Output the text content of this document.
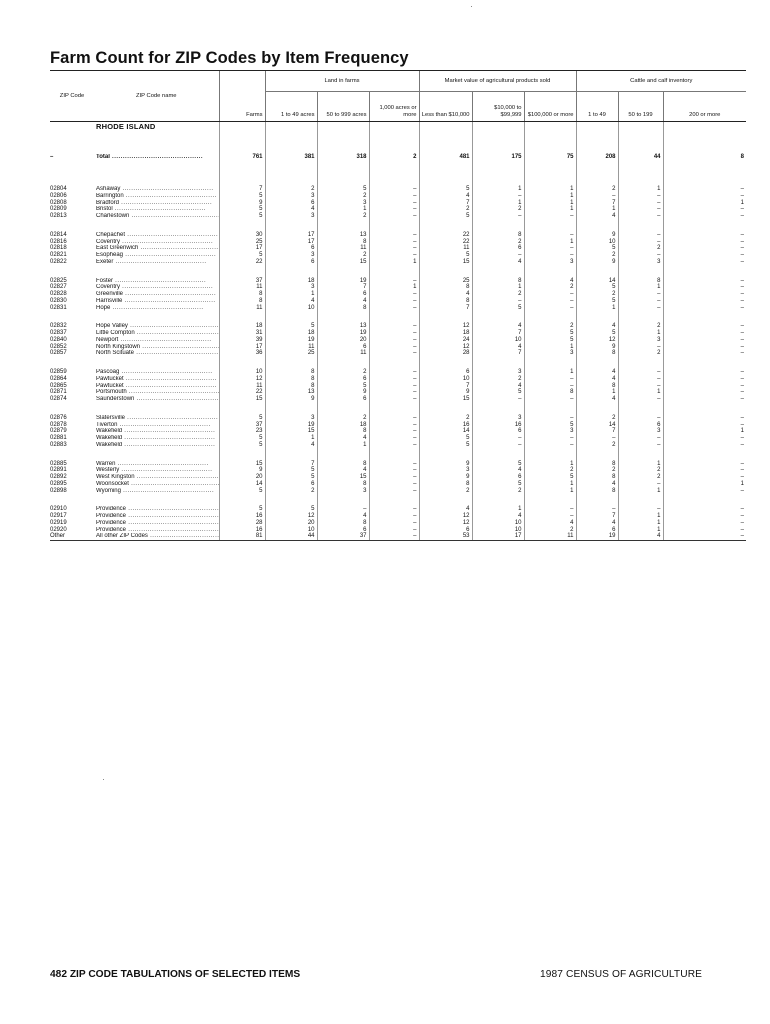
Farm Count for ZIP Codes by Item Frequency
ZIP Code	ZIP Code name	Farms	Land in farms			Market value of agricultural products sold			Cattle and calf inventory		
			1 to 49 acres	50 to 999 acres	1,000 acres or more	Less than $10,000	$10,000 to $99,999	$100,000 or more	1 to 49	50 to 199	200 or more
	RHODE ISLAND										
–	Total .....	761	381	318	2	481	175	75	208	44	8

02804	Ashaway .....	7	2	5	–	5	1	1	2	1	–
02806	Barrington .....	5	3	2	–	4	–	1	–	–	–
02808	Bradford .....	9	6	3	–	7	1	1	7	–	1
02809	Bristol .....	5	4	1	–	2	2	1	1	–	–
02813	Charlestown .....	5	3	2	–	5	–	–	4	–	–

02814	Chepachet .....	30	17	13	–	22	8	–	9	–	–
02816	Coventry .....	25	17	8	–	22	2	1	10	–	–
02818	East Greenwich .....	17	6	11	–	11	6	–	5	2	–
02821	Esopheag .....	5	3	2	–	5	–	–	2	–	–
02822	Exeter .....	22	6	15	1	15	4	3	9	3	–

02825	Foster .....	37	18	19	–	25	8	4	14	8	–
02827	Coventry .....	11	3	7	1	8	1	2	5	1	–
02828	Greenville .....	8	1	6	–	4	2	–	2	–	–
02830	Harrisville .....	8	4	4	–	8	–	–	5	–	–
02831	Hope .....	11	10	8	–	7	5	–	1	–	–

02832	Hope Valley .....	18	5	13	–	12	4	2	4	2	–
02837	Little Compton .....	31	18	19	–	18	7	5	5	1	–
02840	Newport .....	39	19	20	–	24	10	5	12	3	–
02852	North Kingstown .....	17	11	6	–	12	4	1	9	–	–
02857	North Scituate .....	36	25	11	–	28	7	3	8	2	–

02859	Pascoag .....	10	8	2	–	6	3	1	4	–	–
02864	Pawtucket .....	12	8	6	–	10	2	–	4	–	–
02865	Pawtucket .....	11	8	5	–	7	4	–	8	–	–
02871	Portsmouth .....	22	13	9	–	9	5	8	1	1	–
02874	Saunderstown .....	15	9	6	–	15	–	–	4	–	–

02876	Slatersville .....	5	3	2	–	2	3	–	2	–	–
02878	Tiverton .....	37	19	18	–	16	16	5	14	6	–
02879	Wakefield .....	23	15	8	–	14	6	3	7	3	1
02881	Wakefield .....	5	1	4	–	5	–	–	–	–	–
02883	Wakefield .....	5	4	1	–	5	–	–	2	–	–

02885	Warren .....	15	7	8	–	9	5	1	8	1	–
02891	Westerly .....	9	5	4	–	3	4	2	2	2	–
02892	West Kingston .....	20	5	15	–	9	6	5	8	2	–
02895	Woonsocket .....	14	6	8	–	8	5	1	4	–	1
02898	Wyoming .....	5	2	3	–	2	2	1	8	1	–

02910	Providence .....	5	5	–	–	4	1	–	–	–	–
02917	Providence .....	16	12	4	–	12	4	–	7	1	–
02919	Providence .....	28	20	8	–	12	10	4	4	1	–
02920	Providence .....	16	10	6	–	6	10	2	6	1	–
Other	All other ZIP Codes .....	81	44	37	–	53	17	11	19	4	–
482 ZIP CODE TABULATIONS OF SELECTED ITEMS	1987 CENSUS OF AGRICULTURE
